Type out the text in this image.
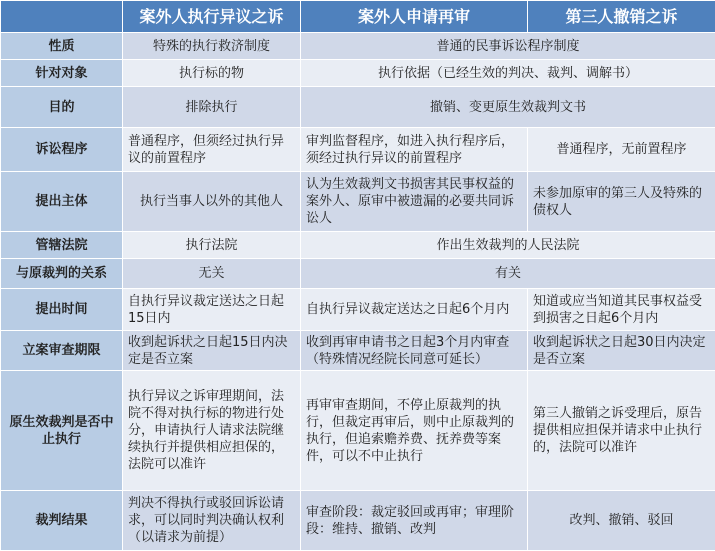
	案外人执行异议之诉	案外人申请再审	第三人撤销之诉
性质	特殊的执行救济制度	普通的民事诉讼程序制度	
针对对象	执行标的物	执行依据（已经生效的判决、裁判、调解书）	
目的	排除执行	撤销、变更原生效裁判文书	
诉讼程序	普通程序，但须经过执行异议的前置程序	审判监督程序，如进入执行程序后，须经过执行异议的前置程序	普通程序，无前置程序
提出主体	执行当事人以外的其他人	认为生效裁判文书损害其民事权益的案外人、原审中被遗漏的必要共同诉讼人	未参加原审的第三人及特殊的债权人
管辖法院	执行法院	作出生效裁判的人民法院	
与原裁判的关系	无关	有关	
提出时间	自执行异议裁定送达之日起15日内	自执行异议裁定送达之日起6个月内	知道或应当知道其民事权益受到损害之日起6个月内
立案审查期限	收到起诉状之日起15日内决定是否立案	收到再审申请书之日起3个月内审查（特殊情况经院长同意可延长）	收到起诉状之日起30日内决定是否立案
原生效裁判是否中止执行	执行异议之诉审理期间，法院不得对执行标的物进行处分，申请执行人请求法院继续执行并提供相应担保的，法院可以准许	再审审查期间，不停止原裁判的执行，但裁定再审后，则中止原裁判的执行，但追索赡养费、抚养费等案件，可以不中止执行	第三人撤销之诉受理后，原告提供相应担保并请求中止执行的，法院可以准许
裁判结果	判决不得执行或驳回诉讼请求，可以同时判决确认权利（以请求为前提）	审查阶段：裁定驳回或再审；审理阶段：维持、撤销、改判	改判、撤销、驳回
